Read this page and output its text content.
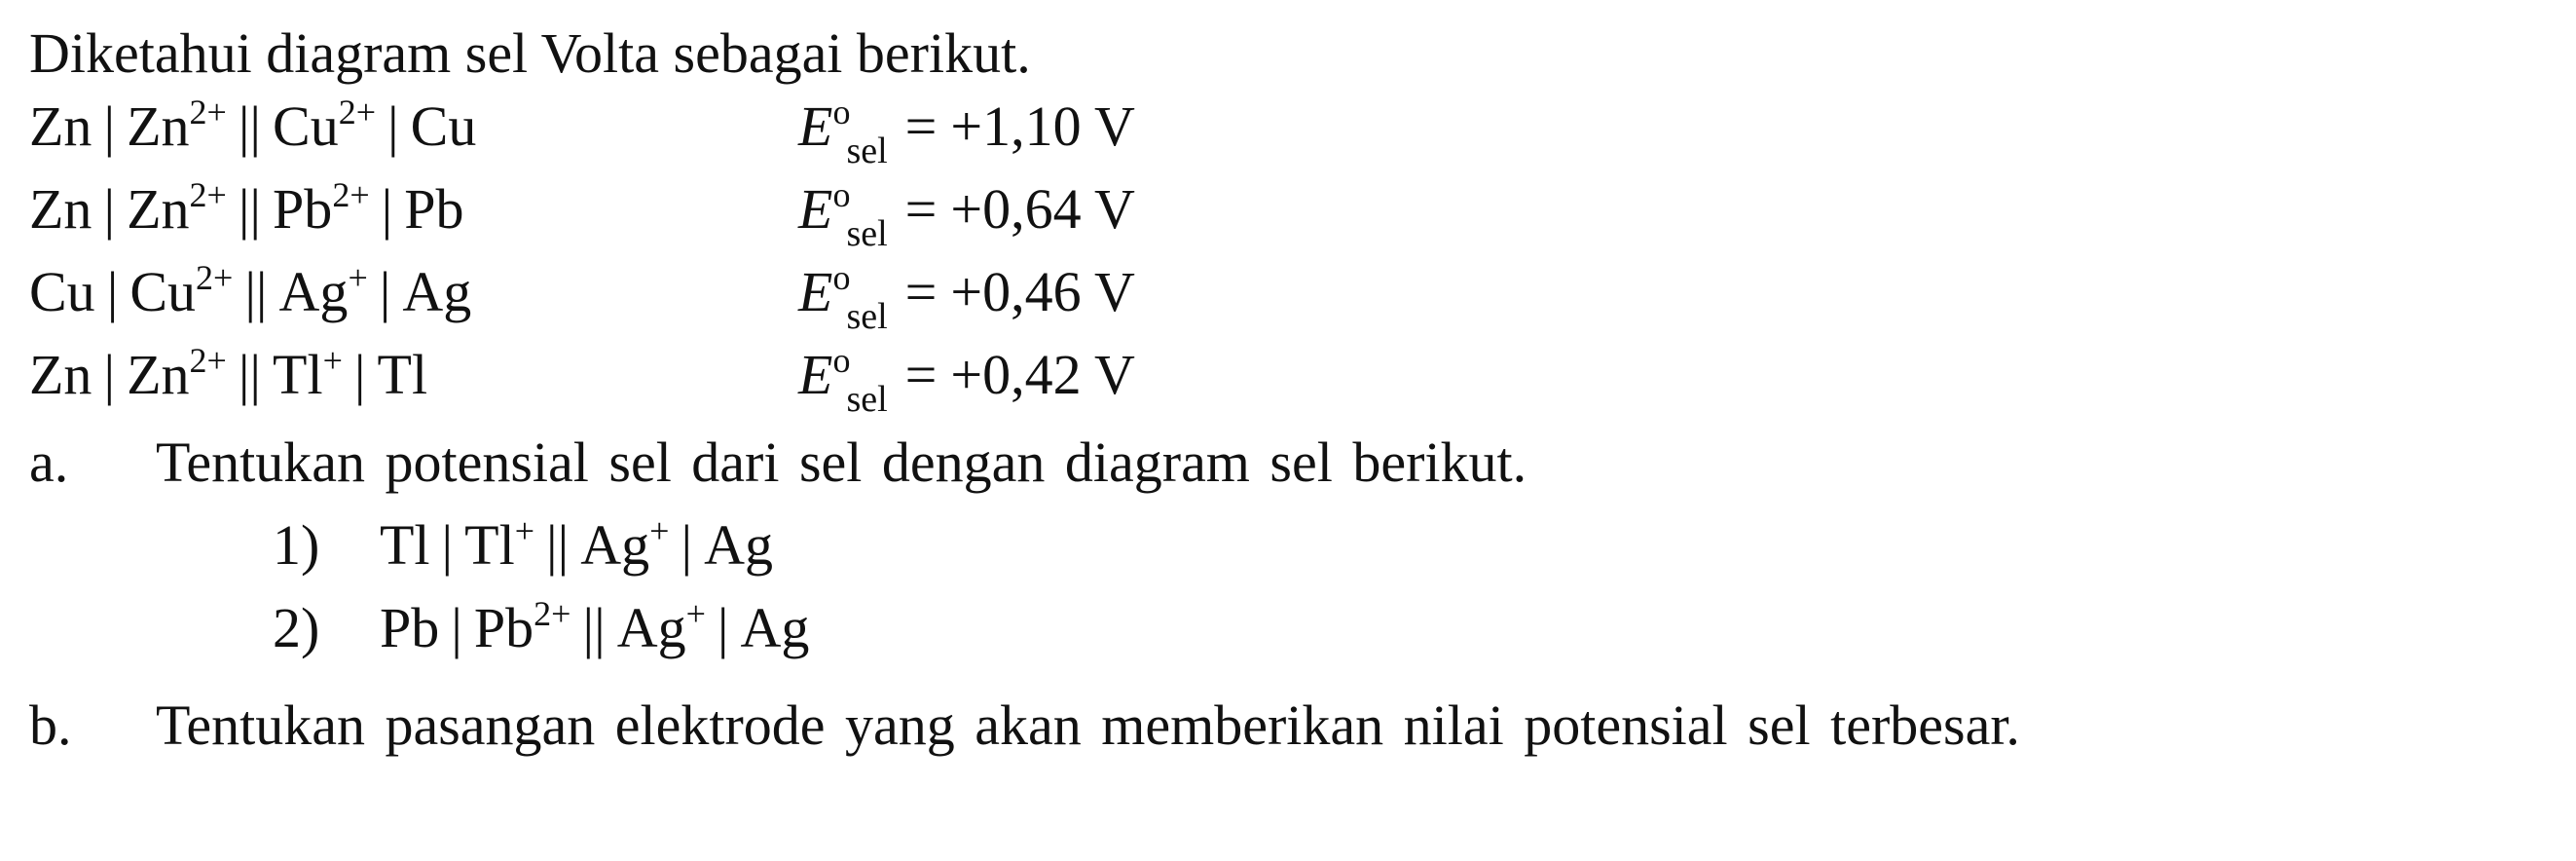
Diketahui diagram sel Volta sebagai berikut.
Zn | $Zn^{2+}$ || $Cu^{2+}$ | Cu	$E^o_{sel} = +1,10$ V
Zn | $Zn^{2+}$ || $Pb^{2+}$ | Pb	$E^o_{sel} = +0,64$ V
Cu | $Cu^{2+}$ || Ag+ | Ag	$E^o_{sel} = +0,46$ V
Zn | $Zn^{2+}$ || Tl+ | Tl	$E^o_{sel} = +0,42$ V
a. Tentukan potensial sel dari sel dengan diagram sel berikut.
1) Tl | Tl+ || Ag+ | Ag
2) Pb | $Pb^{2+}$ || Ag+ | Ag
b. Tentukan pasangan elektrode yang akan memberikan nilai potensial sel terbesar.
